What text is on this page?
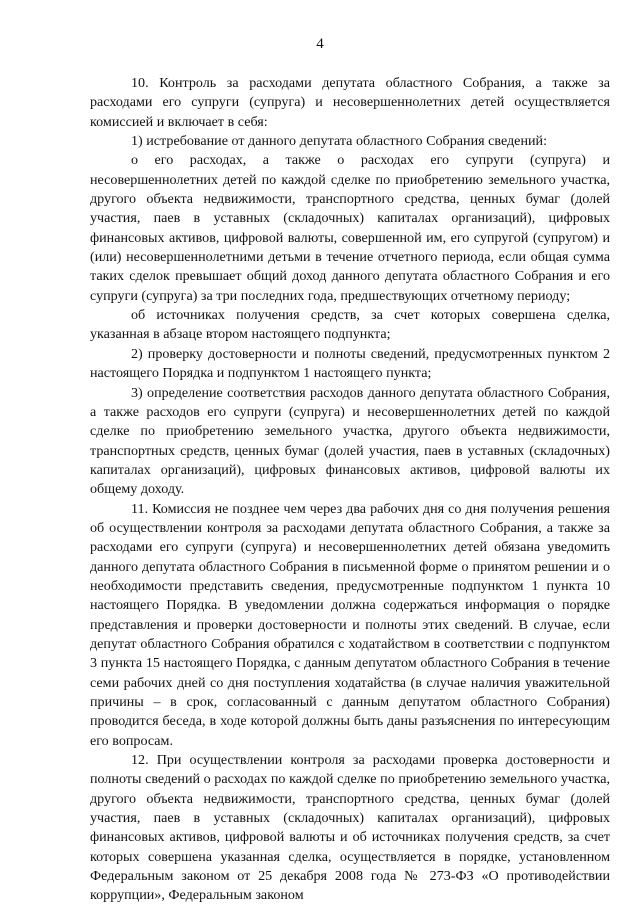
4

10. Контроль за расходами депутата областного Собрания, а также за расходами его супруги (супруга) и несовершеннолетних детей осуществляется комиссией и включает в себя:

1) истребование от данного депутата областного Собрания сведений:

о его расходах, а также о расходах его супруги (супруга) и несовершеннолетних детей по каждой сделке по приобретению земельного участка, другого объекта недвижимости, транспортного средства, ценных бумаг (долей участия, паев в уставных (складочных) капиталах организаций), цифровых финансовых активов, цифровой валюты, совершенной им, его супругой (супругом) и (или) несовершеннолетними детьми в течение отчетного периода, если общая сумма таких сделок превышает общий доход данного депутата областного Собрания и его супруги (супруга) за три последних года, предшествующих отчетному периоду;

об источниках получения средств, за счет которых совершена сделка, указанная в абзаце втором настоящего подпункта;

2) проверку достоверности и полноты сведений, предусмотренных пунктом 2 настоящего Порядка и подпунктом 1 настоящего пункта;

3) определение соответствия расходов данного депутата областного Собрания, а также расходов его супруги (супруга) и несовершеннолетних детей по каждой сделке по приобретению земельного участка, другого объекта недвижимости, транспортных средств, ценных бумаг (долей участия, паев в уставных (складочных) капиталах организаций), цифровых финансовых активов, цифровой валюты их общему доходу.

11. Комиссия не позднее чем через два рабочих дня со дня получения решения об осуществлении контроля за расходами депутата областного Собрания, а также за расходами его супруги (супруга) и несовершеннолетних детей обязана уведомить данного депутата областного Собрания в письменной форме о принятом решении и о необходимости представить сведения, предусмотренные подпунктом 1 пункта 10 настоящего Порядка. В уведомлении должна содержаться информация о порядке представления и проверки достоверности и полноты этих сведений. В случае, если депутат областного Собрания обратился с ходатайством в соответствии с подпунктом 3 пункта 15 настоящего Порядка, с данным депутатом областного Собрания в течение семи рабочих дней со дня поступления ходатайства (в случае наличия уважительной причины – в срок, согласованный с данным депутатом областного Собрания) проводится беседа, в ходе которой должны быть даны разъяснения по интересующим его вопросам.

12. При осуществлении контроля за расходами проверка достоверности и полноты сведений о расходах по каждой сделке по приобретению земельного участка, другого объекта недвижимости, транспортного средства, ценных бумаг (долей участия, паев в уставных (складочных) капиталах организаций), цифровых финансовых активов, цифровой валюты и об источниках получения средств, за счет которых совершена указанная сделка, осуществляется в порядке, установленном Федеральным законом от 25 декабря 2008 года № 273-ФЗ «О противодействии коррупции», Федеральным законом
